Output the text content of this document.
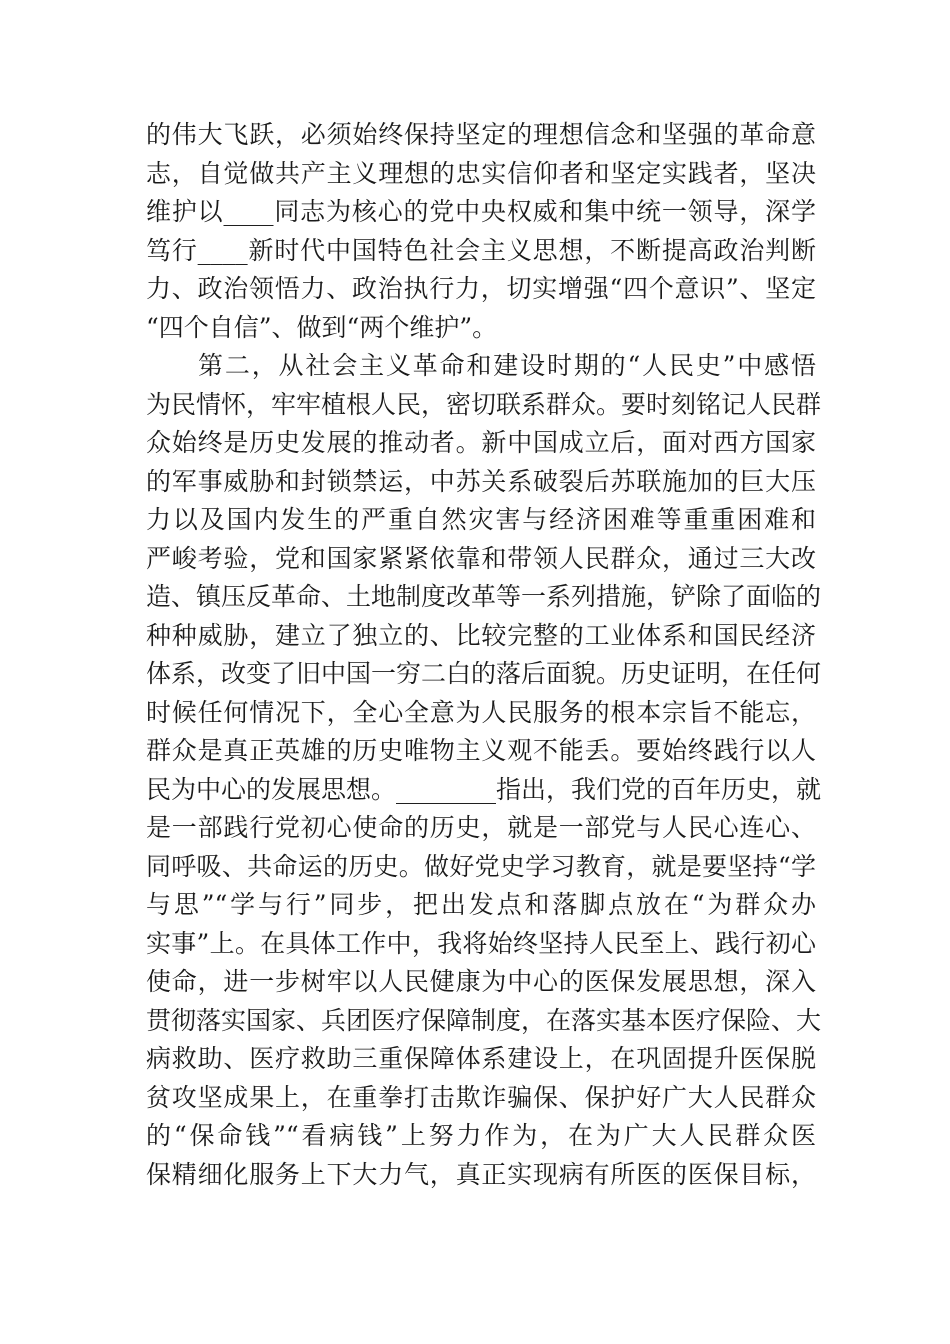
的伟大飞跃，必须始终保持坚定的理想信念和坚强的革命意
志，自觉做共产主义理想的忠实信仰者和坚定实践者，坚决
维护以____同志为核心的党中央权威和集中统一领导，深学
笃行____新时代中国特色社会主义思想，不断提高政治判断
力、政治领悟力、政治执行力，切实增强“四个意识”、坚定
“四个自信”、做到“两个维护”。
第二，从社会主义革命和建设时期的“人民史”中感悟
为民情怀，牢牢植根人民，密切联系群众。要时刻铭记人民群
众始终是历史发展的推动者。新中国成立后，面对西方国家
的军事威胁和封锁禁运，中苏关系破裂后苏联施加的巨大压
力以及国内发生的严重自然灾害与经济困难等重重困难和
严峻考验，党和国家紧紧依靠和带领人民群众，通过三大改
造、镇压反革命、土地制度改革等一系列措施，铲除了面临的
种种威胁，建立了独立的、比较完整的工业体系和国民经济
体系，改变了旧中国一穷二白的落后面貌。历史证明，在任何
时候任何情况下，全心全意为人民服务的根本宗旨不能忘，
群众是真正英雄的历史唯物主义观不能丢。要始终践行以人
民为中心的发展思想。________指出，我们党的百年历史，就
是一部践行党初心使命的历史，就是一部党与人民心连心、
同呼吸、共命运的历史。做好党史学习教育，就是要坚持“学
与思”“学与行”同步，把出发点和落脚点放在“为群众办
实事”上。在具体工作中，我将始终坚持人民至上、践行初心
使命，进一步树牢以人民健康为中心的医保发展思想，深入
贯彻落实国家、兵团医疗保障制度，在落实基本医疗保险、大
病救助、医疗救助三重保障体系建设上，在巩固提升医保脱
贫攻坚成果上，在重拳打击欺诈骗保、保护好广大人民群众
的“保命钱”“看病钱”上努力作为，在为广大人民群众医
保精细化服务上下大力气，真正实现病有所医的医保目标，
